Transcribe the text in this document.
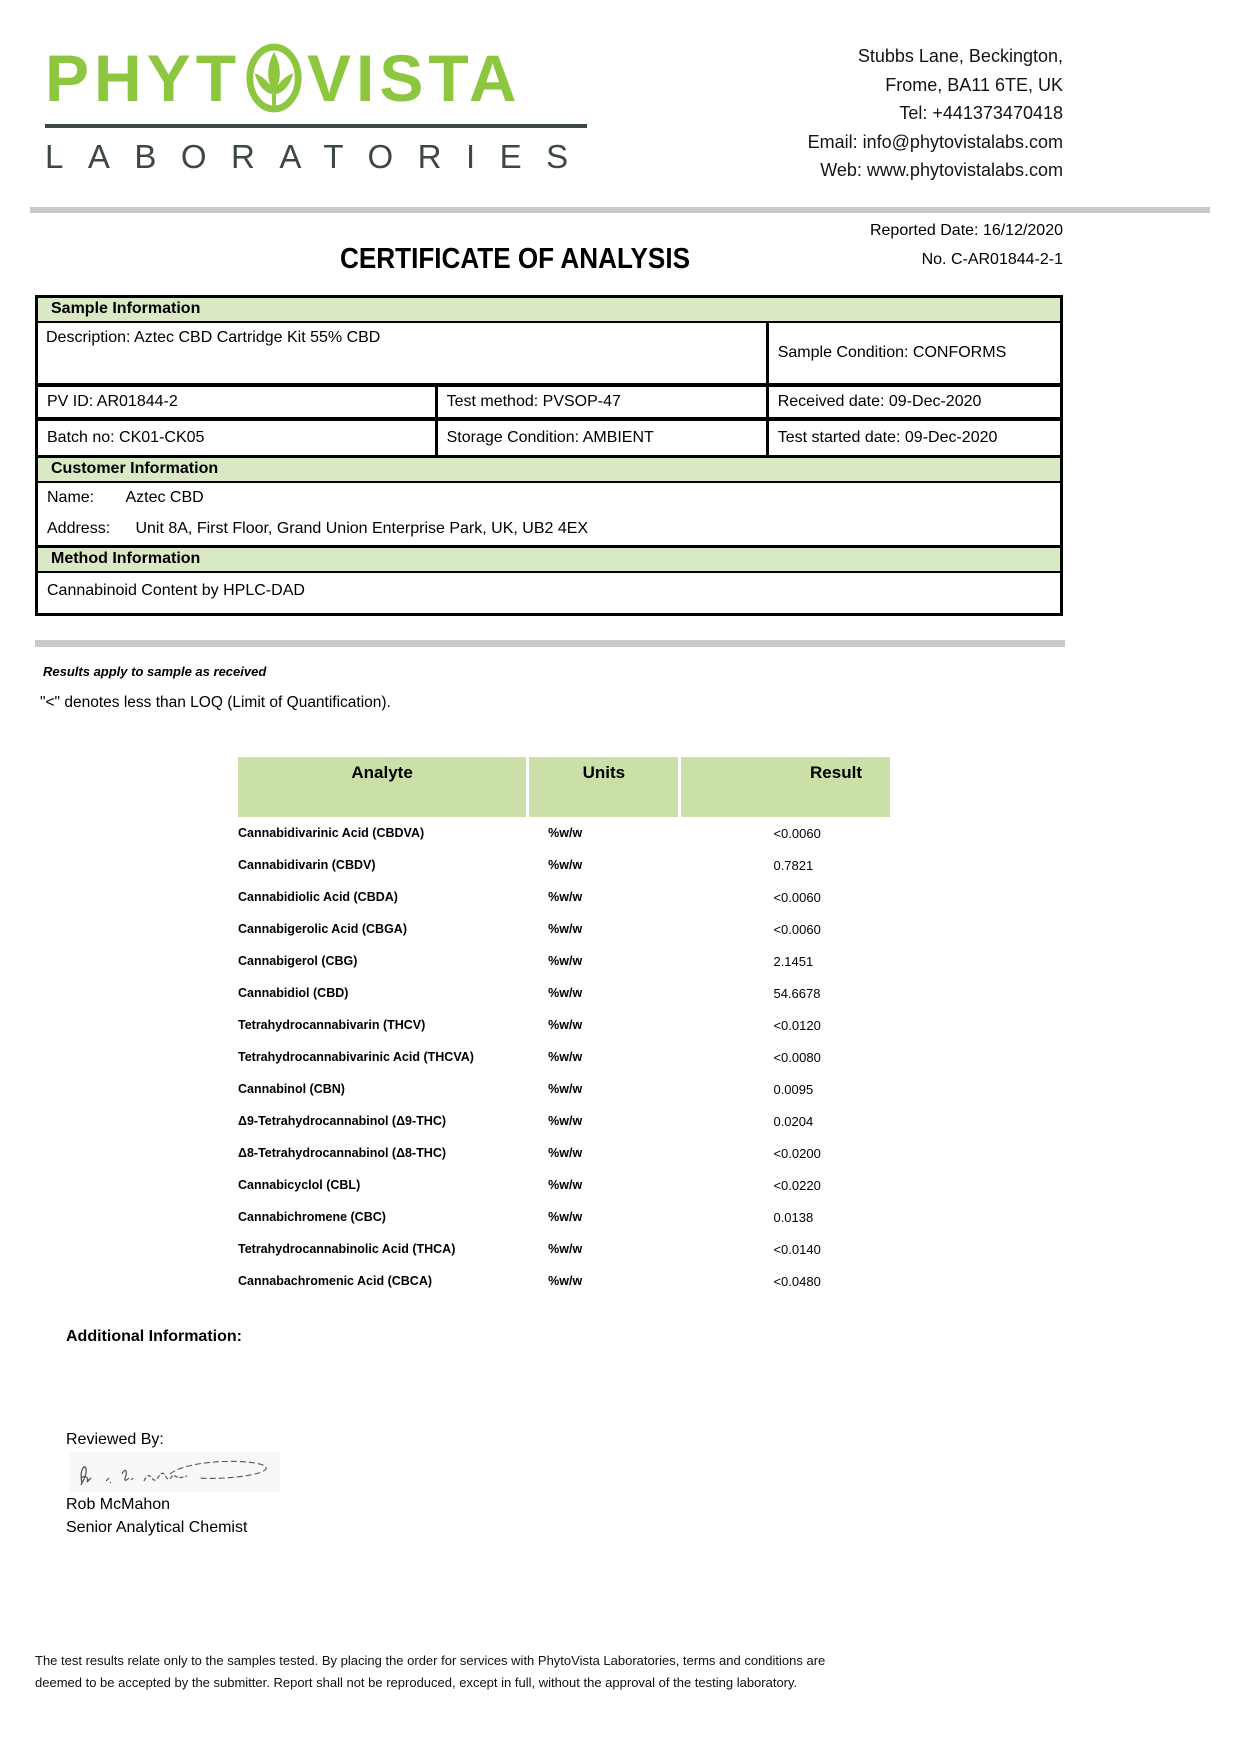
PHYT VISTA
LABORATORIES
Stubbs Lane, Beckington,
Frome, BA11 6TE, UK
Tel: +441373470418
Email: info@phytovistalabs.com
Web: www.phytovistalabs.com
Reported Date: 16/12/2020
CERTIFICATE OF ANALYSIS	No. C-AR01844-2-1
Sample Information
Description: Aztec CBD Cartridge Kit 55% CBD
Sample Condition: CONFORMS
PV ID: AR01844-2	Test method: PVSOP-47	Received date: 09-Dec-2020
Batch no: CK01-CK05	Storage Condition: AMBIENT	Test started date: 09-Dec-2020
Customer Information
Name: Aztec CBD
Address: Unit 8A, First Floor, Grand Union Enterprise Park, UK, UB2 4EX
Method Information
Cannabinoid Content by HPLC-DAD
Results apply to sample as received
"<" denotes less than LOQ (Limit of Quantification).
Analyte	Units	Result
Cannabidivarinic Acid (CBDVA)	%w/w	<0.0060
Cannabidivarin (CBDV)	%w/w	0.7821
Cannabidiolic Acid (CBDA)	%w/w	<0.0060
Cannabigerolic Acid (CBGA)	%w/w	<0.0060
Cannabigerol (CBG)	%w/w	2.1451
Cannabidiol (CBD)	%w/w	54.6678
Tetrahydrocannabivarin (THCV)	%w/w	<0.0120
Tetrahydrocannabivarinic Acid (THCVA)	%w/w	<0.0080
Cannabinol (CBN)	%w/w	0.0095
Δ9-Tetrahydrocannabinol (Δ9-THC)	%w/w	0.0204
Δ8-Tetrahydrocannabinol (Δ8-THC)	%w/w	<0.0200
Cannabicyclol (CBL)	%w/w	<0.0220
Cannabichromene (CBC)	%w/w	0.0138
Tetrahydrocannabinolic Acid (THCA)	%w/w	<0.0140
Cannabachromenic Acid (CBCA)	%w/w	<0.0480
Additional Information:
Reviewed By:
Rob McMahon
Senior Analytical Chemist
The test results relate only to the samples tested. By placing the order for services with PhytoVista Laboratories, terms and conditions are
deemed to be accepted by the submitter. Report shall not be reproduced, except in full, without the approval of the testing laboratory.
